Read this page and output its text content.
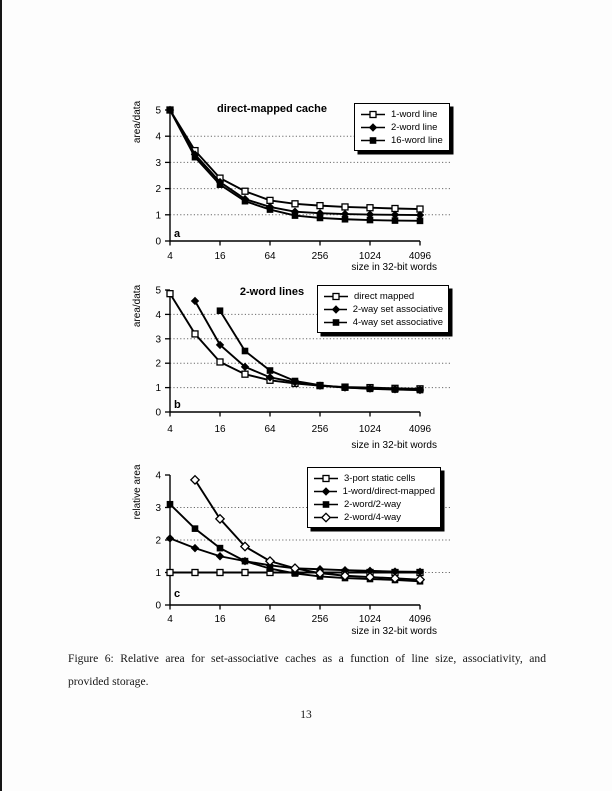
0
1
2
3
4
5
4	16	64	256	1024	4096
direct-mapped cache
a
area/data
size in 32-bit words
1-word line
2-word line
16-word line
0
1
2
3
4
5
4	16	64	256	1024	4096
2-word lines
b
area/data
size in 32-bit words
direct mapped
2-way set associative
4-way set associative
0
1
2
3
4
4	16	64	256	1024	4096
c
relative area
size in 32-bit words
3-port static cells
1-word/direct-mapped
2-word/2-way
2-word/4-way
Figure 6: Relative area for set-associative caches as a function of line size, associativity, and
provided storage.
13
